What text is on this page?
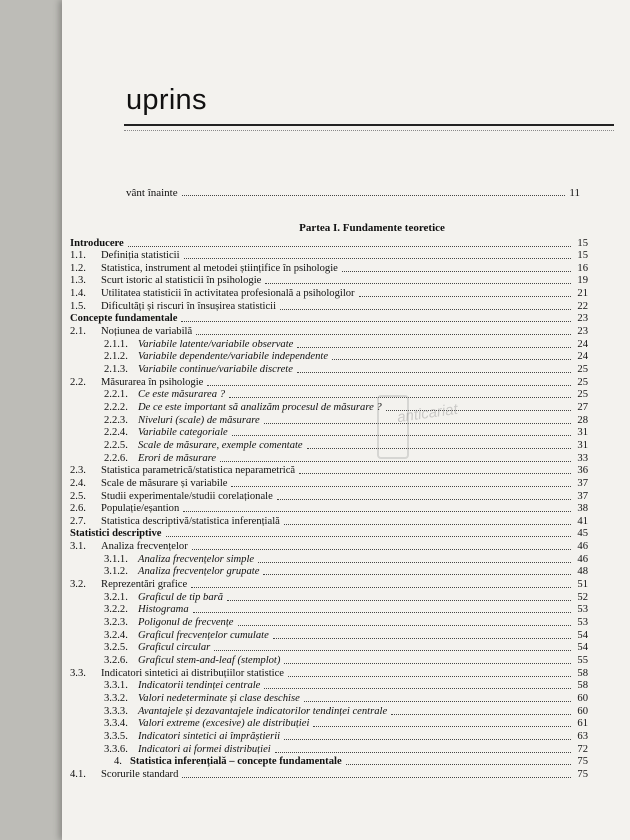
uprins
vânt înainte	11
Partea I. Fundamente teoretice
Introducere	15
1.1.	Definiția statisticii	15
1.2.	Statistica, instrument al metodei științifice în psihologie	16
1.3.	Scurt istoric al statisticii în psihologie	19
1.4.	Utilitatea statisticii în activitatea profesională a psihologilor	21
1.5.	Dificultăți și riscuri în însușirea statisticii	22
Concepte fundamentale	23
2.1.	Noțiunea de variabilă	23
2.1.1. Variabile latente/variabile observate	24
2.1.2. Variabile dependente/variabile independente	24
2.1.3. Variabile continue/variabile discrete	25
2.2.	Măsurarea în psihologie	25
2.2.1. Ce este măsurarea ?	25
2.2.2. De ce este important să analizăm procesul de măsurare ?	27
2.2.3. Niveluri (scale) de măsurare	28
2.2.4. Variabile categoriale	31
2.2.5. Scale de măsurare, exemple comentate	31
2.2.6. Erori de măsurare	33
2.3.	Statistica parametrică/statistica neparametrică	36
2.4.	Scale de măsurare și variabile	37
2.5.	Studii experimentale/studii corelaționale	37
2.6.	Populație/eșantion	38
2.7.	Statistica descriptivă/statistica inferențială	41
Statistici descriptive	45
3.1.	Analiza frecvențelor	46
3.1.1. Analiza frecvențelor simple	46
3.1.2. Analiza frecvențelor grupate	48
3.2.	Reprezentări grafice	51
3.2.1. Graficul de tip bară	52
3.2.2. Histograma	53
3.2.3. Poligonul de frecvențe	53
3.2.4. Graficul frecvențelor cumulate	54
3.2.5. Graficul circular	54
3.2.6. Graficul stem-and-leaf (stemplot)	55
3.3.	Indicatori sintetici ai distribuțiilor statistice	58
3.3.1. Indicatorii tendinței centrale	58
3.3.2. Valori nedeterminate și clase deschise	60
3.3.3. Avantajele și dezavantajele indicatorilor tendinței centrale	60
3.3.4. Valori extreme (excesive) ale distribuției	61
3.3.5. Indicatori sintetici ai împrăștierii	63
3.3.6. Indicatori ai formei distribuției	72
4. Statistica inferențială – concepte fundamentale	75
4.1.	Scorurile standard	75
anticariat
